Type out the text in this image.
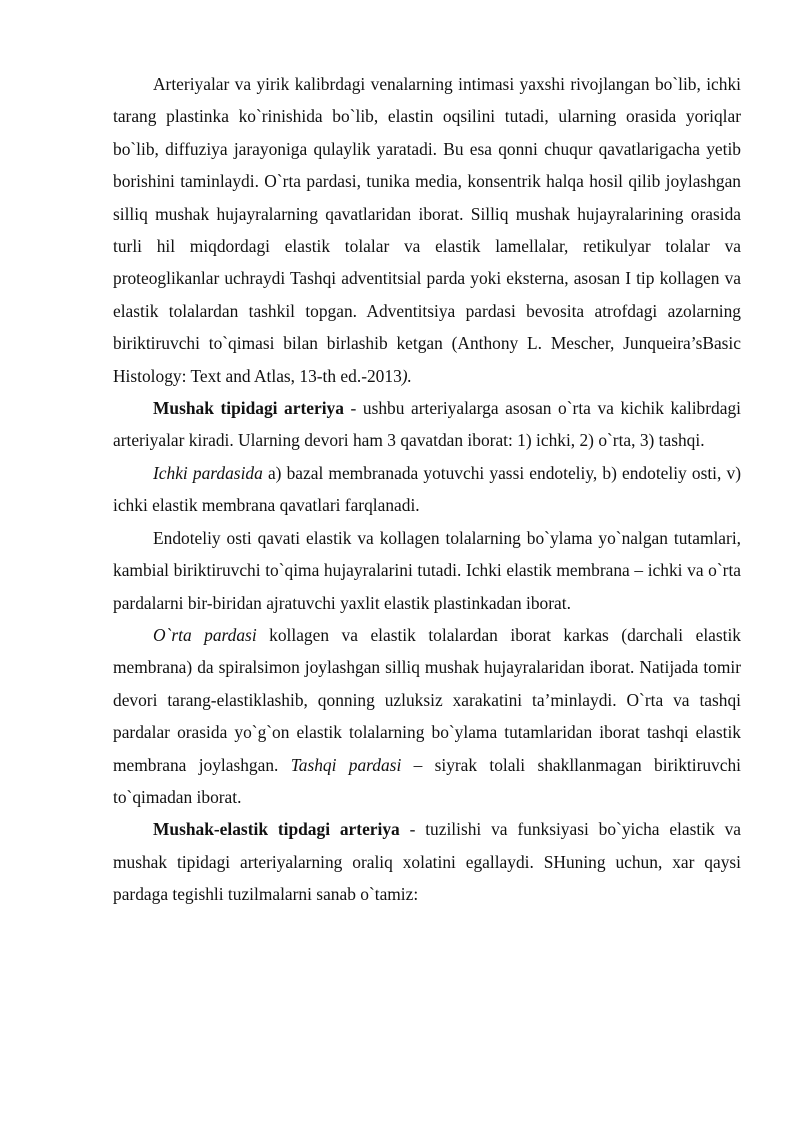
Arteriyalar va yirik kalibrdagi venalarning intimasi yaxshi rivojlangan bo`lib, ichki tarang plastinka ko`rinishida bo`lib, elastin oqsilini tutadi, ularning orasida yoriqlar bo`lib, diffuziya jarayoniga qulaylik yaratadi. Bu esa qonni chuqur qavatlarigacha yetib borishini taminlaydi. O`rta pardasi, tunika media, konsentrik halqa hosil qilib joylashgan silliq mushak hujayralarning qavatlaridan iborat. Silliq mushak hujayralarining orasida turli hil miqdordagi elastik tolalar va elastik lamellalar, retikulyar tolalar va proteoglikanlar uchraydi Tashqi adventitsial parda yoki eksterna, asosan I tip kollagen va elastik tolalardan tashkil topgan. Adventitsiya pardasi bevosita atrofdagi azolarning biriktiruvchi to`qimasi bilan birlashib ketgan (Anthony L. Mescher, Junqueira’sBasic Histology: Text and Atlas, 13-th ed.-2013).

Mushak tipidagi arteriya - ushbu arteriyalarga asosan o`rta va kichik kalibrdagi arteriyalar kiradi. Ularning devori ham 3 qavatdan iborat: 1) ichki, 2) o`rta, 3) tashqi.

Ichki pardasida a) bazal membranada yotuvchi yassi endoteliy, b) endoteliy osti, v) ichki elastik membrana qavatlari farqlanadi.

Endoteliy osti qavati elastik va kollagen tolalarning bo`ylama yo`nalgan tutamlari, kambial biriktiruvchi to`qima hujayralarini tutadi. Ichki elastik membrana – ichki va o`rta pardalarni bir-biridan ajratuvchi yaxlit elastik plastinkadan iborat.

O`rta pardasi kollagen va elastik tolalardan iborat karkas (darchali elastik membrana) da spiralsimon joylashgan silliq mushak hujayralaridan iborat. Natijada tomir devori tarang-elastiklashib, qonning uzluksiz xarakatini ta’minlaydi. O`rta va tashqi pardalar orasida yo`g`on elastik tolalarning bo`ylama tutamlaridan iborat tashqi elastik membrana joylashgan. Tashqi pardasi – siyrak tolali shakllanmagan biriktiruvchi to`qimadan iborat.

Mushak-elastik tipdagi arteriya - tuzilishi va funksiyasi bo`yicha elastik va mushak tipidagi arteriyalarning oraliq xolatini egallaydi. SHuning uchun, xar qaysi pardaga tegishli tuzilmalarni sanab o`tamiz:
